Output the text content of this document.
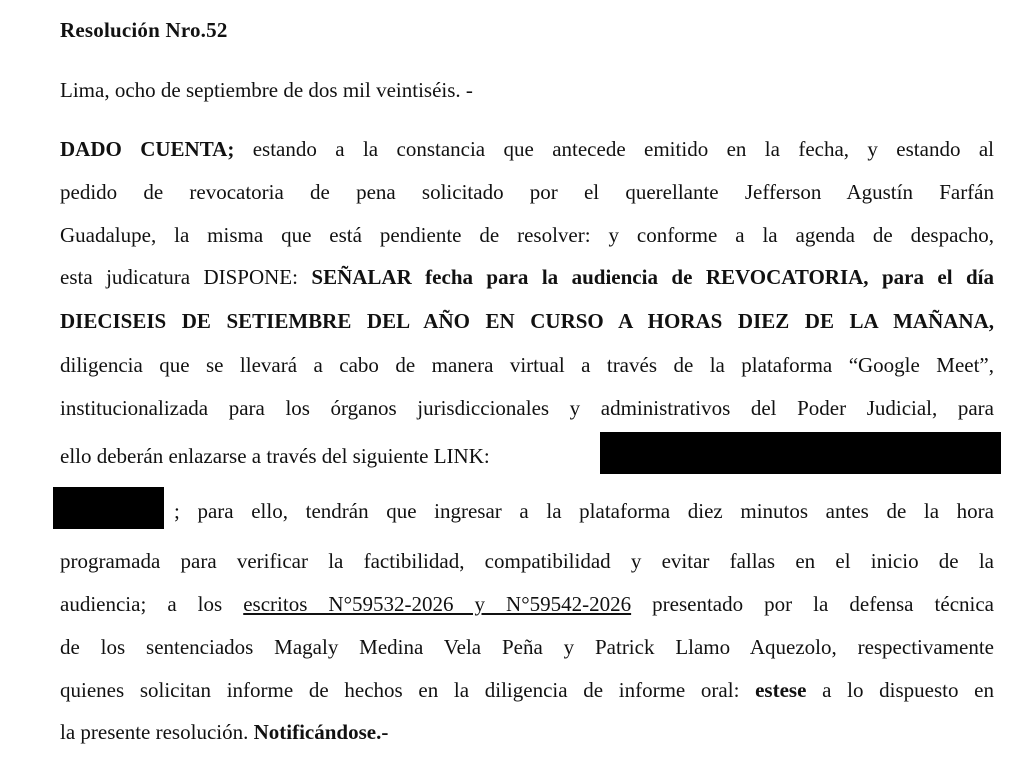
Resolución Nro.52
Lima, ocho de septiembre de dos mil veintiséis. -
DADO CUENTA; estando a la constancia que antecede emitido en la fecha, y estando al
pedido de revocatoria de pena solicitado por el querellante Jefferson Agustín Farfán
Guadalupe, la misma que está pendiente de resolver: y conforme a la agenda de despacho,
esta judicatura DISPONE: SEÑALAR fecha para la audiencia de REVOCATORIA, para el día
DIECISEIS DE SETIEMBRE DEL AÑO EN CURSO A HORAS DIEZ DE LA MAÑANA,
diligencia que se llevará a cabo de manera virtual a través de la plataforma “Google Meet”,
institucionalizada para los órganos jurisdiccionales y administrativos del Poder Judicial, para
ello deberán enlazarse a través del siguiente LINK:
; para ello, tendrán que ingresar a la plataforma diez minutos antes de la hora
programada para verificar la factibilidad, compatibilidad y evitar fallas en el inicio de la
audiencia; a los escritos N°59532-2026 y N°59542-2026 presentado por la defensa técnica
de los sentenciados Magaly Medina Vela Peña y Patrick Llamo Aquezolo, respectivamente
quienes solicitan informe de hechos en la diligencia de informe oral: estese a lo dispuesto en
la presente resolución. Notificándose.-
